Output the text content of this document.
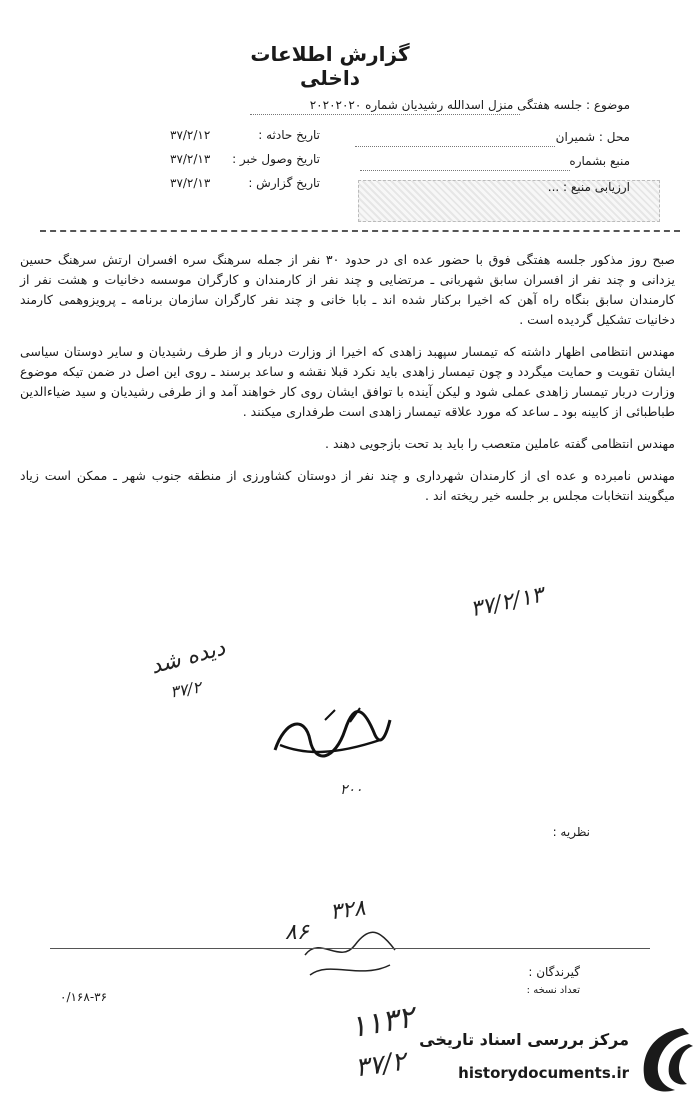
گزارش اطلاعات داخلی
موضوع : جلسه هفتگی منزل اسدالله رشیدیان شماره ۲۰۲۰۲۰۲۰
محل : شمیران
منبع بشماره
ارزیابی منبع : ...
تاریخ حادثه :
۳۷/۲/۱۲
تاریخ وصول خبر :
۳۷/۲/۱۳
تاریخ گزارش :
۳۷/۲/۱۳

صبح روز مذکور جلسه هفتگی فوق با حضور عده ای در حدود ۳۰ نفر از جمله سرهنگ سره افسران ارتش سرهنگ حسین یزدانی و چند نفر از افسران سابق شهربانی ـ مرتضایی و چند نفر از کارمندان و کارگران موسسه دخانیات و هشت نفر از کارمندان سابق بنگاه راه آهن که اخیرا برکنار شده اند ـ بابا خانی و چند نفر کارگران سازمان برنامه ـ پرویزوهمی کارمند دخانیات تشکیل گردیده است .

مهندس انتظامی اظهار داشته که تیمسار سپهبد زاهدی که اخیرا از وزارت دربار و از طرف رشیدیان و سایر دوستان سیاسی ایشان تقویت و حمایت میگردد و چون تیمسار زاهدی باید نکرد قبلا نقشه و ساعد برسند ـ روی این اصل در ضمن تیکه موضوع وزارت دربار تیمسار زاهدی عملی شود و لیکن آینده با توافق ایشان روی کار خواهند آمد و از طرفی رشیدیان و سید ضیاءالدین طباطبائی از کابینه بود ـ ساعد که مورد علاقه تیمسار زاهدی است طرفداری میکنند .

مهندس انتظامی گفته عاملین متعصب را باید بد تحت بازجویی دهند .

مهندس نامبرده و عده ای از کارمندان شهرداری و چند نفر از دوستان کشاورزی از منطقه جنوب شهر ـ ممکن است زیاد میگویند انتخابات مجلس بر جلسه خیر ریخته اند .

۳۷/۲/۱۳
دیده شد
۳۷/۲
۲۰۰
نظریه :
۳۲۸
۸۶
گیرندگان :
تعداد نسخه :
۰/۱۶۸-۳۶
۱۱۳۲
۳۷/۲
مرکز بررسی اسناد تاریخی
historydocuments.ir
